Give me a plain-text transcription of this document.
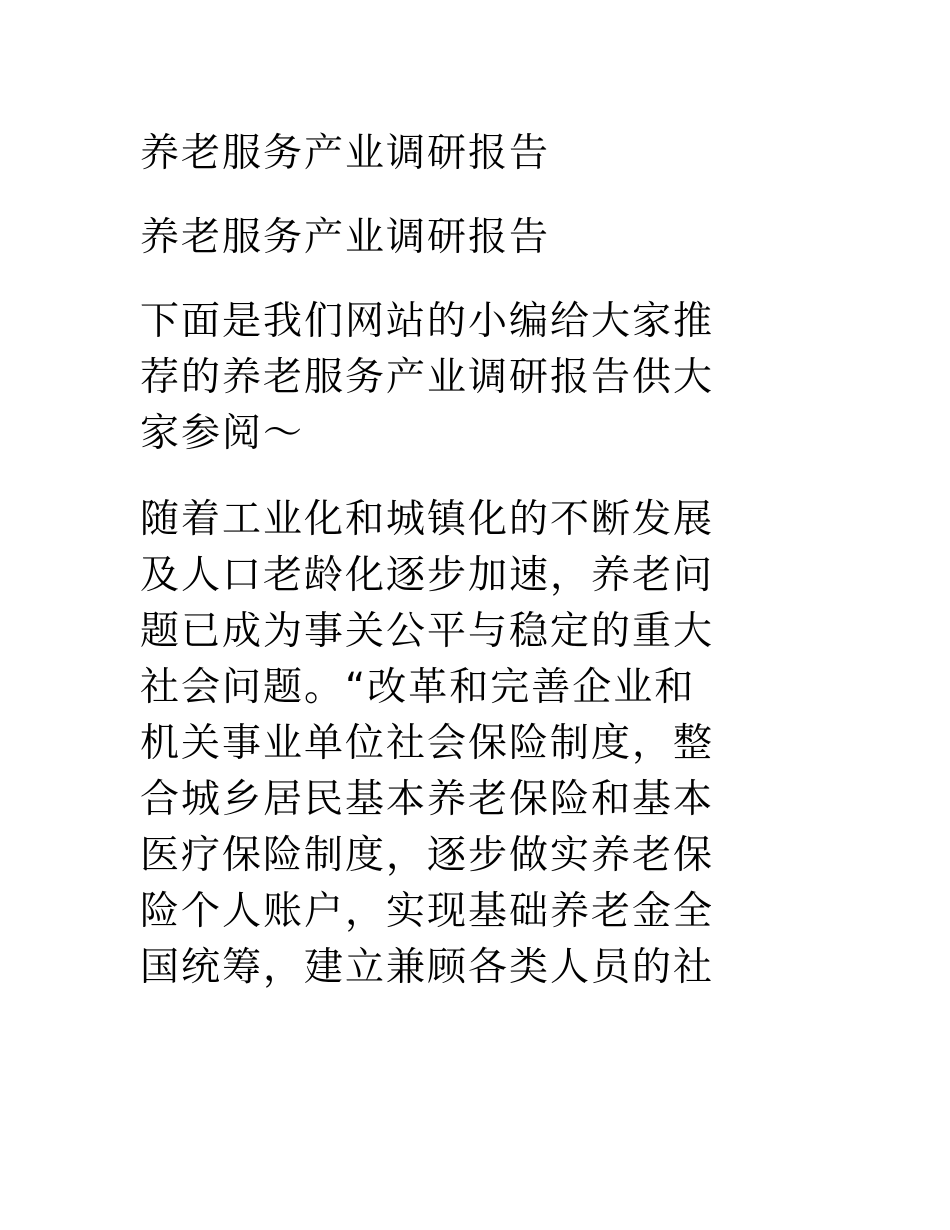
养老服务产业调研报告
养老服务产业调研报告
下面是我们网站的小编给大家推
荐的养老服务产业调研报告供大
家参阅～
随着工业化和城镇化的不断发展
及人口老龄化逐步加速，养老问
题已成为事关公平与稳定的重大
社会问题。“改革和完善企业和
机关事业单位社会保险制度，整
合城乡居民基本养老保险和基本
医疗保险制度，逐步做实养老保
险个人账户，实现基础养老金全
国统筹，建立兼顾各类人员的社
